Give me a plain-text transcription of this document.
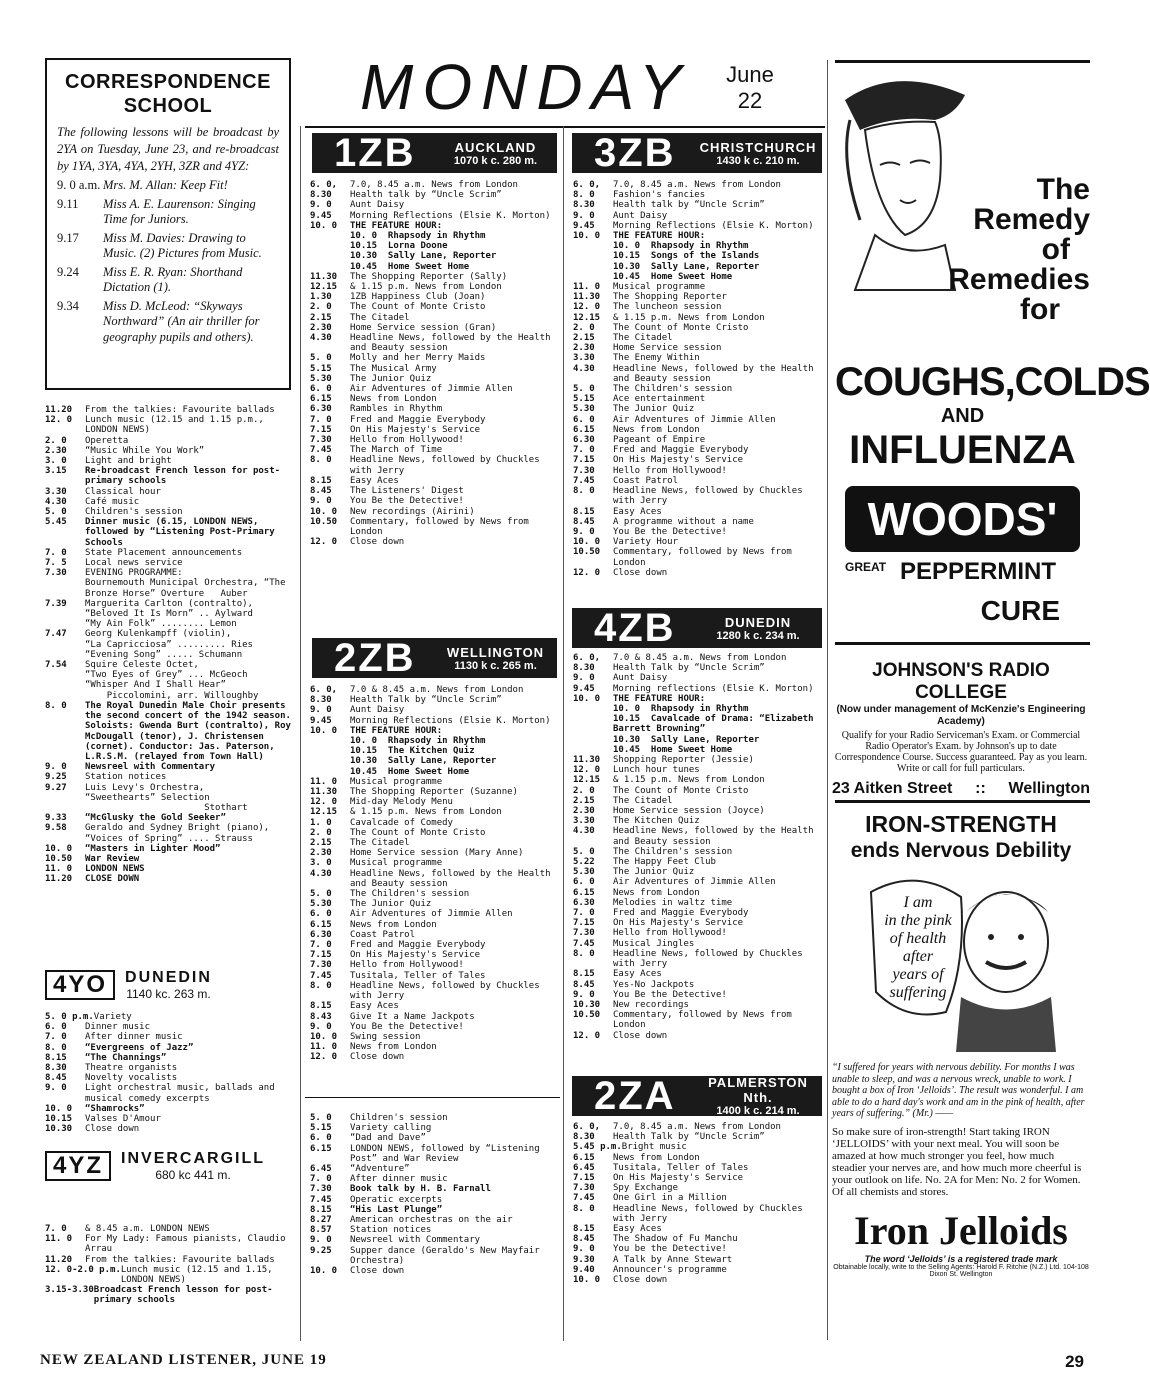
CORRESPONDENCE
SCHOOL
The following lessons will be broadcast by 2YA on Tuesday, June 23, and re-broadcast by 1YA, 3YA, 4YA, 2YH, 3ZR and 4YZ:
9. 0 a.m. Mrs. M. Allan: Keep Fit!
9.11	Miss A. E. Laurenson: Singing Time for Juniors.
9.17	Miss M. Davies: Drawing to Music. (2) Pictures from Music.
9.24	Miss E. R. Ryan: Shorthand Dictation (1).
9.34	Miss D. McLeod: “Skyways Northward” (An air thriller for geography pupils and others).
MONDAY June
22
11.20	From the talkies: Favourite ballads
12. 0	Lunch music (12.15 and 1.15 p.m., LONDON NEWS)
2. 0	Operetta
2.30	“Music While You Work”
3. 0	Light and bright
3.15	Re-broadcast French lesson for post-primary schools
3.30	Classical hour
4.30	Café music
5. 0	Children's session
5.45	Dinner music (6.15, LONDON NEWS, followed by “Listening Post-Primary Schools
7. 0	State Placement announcements
7. 5	Local news service
7.30	EVENING PROGRAMME:
Bournemouth Municipal Orchestra, “The Bronze Horse” Overture   Auber
7.39	Marguerita Carlton (contralto), “Beloved It Is Morn” .. Aylward
“My Ain Folk” ........ Lemon
7.47	Georg Kulenkampff (violin),
“La Capricciosa” ......... Ries
“Evening Song” ..... Schumann
7.54	Squire Celeste Octet,
“Two Eyes of Grey” ... McGeoch
“Whisper And I Shall Hear”
Piccolomini, arr. Willoughby
8. 0	The Royal Dunedin Male Choir presents the second concert of the 1942 season. Soloists: Gwenda Burt (contralto), Roy McDougall (tenor), J. Christensen (cornet). Conductor: Jas. Paterson, L.R.S.M. (relayed from Town Hall)
9. 0	Newsreel with Commentary
9.25	Station notices
9.27	Luis Levy's Orchestra,
“Sweethearts” Selection
Stothart
9.33	“McGlusky the Gold Seeker”
9.58	Geraldo and Sydney Bright (piano),
“Voices of Spring” .... Strauss
10. 0	“Masters in Lighter Mood”
10.50	War Review
11. 0	LONDON NEWS
11.20	CLOSE DOWN
4YO	DUNEDIN
1140 kc. 263 m.
5. 0 p.m. Variety
6. 0	Dinner music
7. 0	After dinner music
8. 0	“Evergreens of Jazz”
8.15	“The Channings”
8.30	Theatre organists
8.45	Novelty vocalists
9. 0	Light orchestral music, ballads and musical comedy excerpts
10. 0	“Shamrocks”
10.15	Valses D'Amour
10.30	Close down
4YZ	INVERCARGILL
680 kc 441 m.
7. 0	& 8.45 a.m. LONDON NEWS
11. 0	For My Lady: Famous pianists, Claudio Arrau
11.20	From the talkies: Favourite ballads
12. 0-2.0 p.m. Lunch music (12.15 and 1.15, LONDON NEWS)
3.15-3.30 Broadcast French lesson for post-primary schools
1ZB	AUCKLAND
1070 k c. 280 m.
6. 0,	7.0, 8.45 a.m. News from London
8.30	Health talk by “Uncle Scrim”
9. 0	Aunt Daisy
9.45	Morning Reflections (Elsie K. Morton)
10. 0	THE FEATURE HOUR:
10. 0  Rhapsody in Rhythm
10.15  Lorna Doone
10.30  Sally Lane, Reporter
10.45  Home Sweet Home
11.30	The Shopping Reporter (Sally)
12.15	& 1.15 p.m. News from London
1.30	1ZB Happiness Club (Joan)
2. 0	The Count of Monte Cristo
2.15	The Citadel
2.30	Home Service session (Gran)
4.30	Headline News, followed by the Health and Beauty session
5. 0	Molly and her Merry Maids
5.15	The Musical Army
5.30	The Junior Quiz
6. 0	Air Adventures of Jimmie Allen
6.15	News from London
6.30	Rambles in Rhythm
7. 0	Fred and Maggie Everybody
7.15	On His Majesty's Service
7.30	Hello from Hollywood!
7.45	The March of Time
8. 0	Headline News, followed by Chuckles with Jerry
8.15	Easy Aces
8.45	The Listeners' Digest
9. 0	You Be the Detective!
10. 0	New recordings (Airini)
10.50	Commentary, followed by News from London
12. 0	Close down
2ZB	WELLINGTON
1130 k c. 265 m.
6. 0,	7.0 & 8.45 a.m. News from London
8.30	Health Talk by “Uncle Scrim”
9. 0	Aunt Daisy
9.45	Morning Reflections (Elsie K. Morton)
10. 0	THE FEATURE HOUR:
10. 0  Rhapsody in Rhythm
10.15  The Kitchen Quiz
10.30  Sally Lane, Reporter
10.45  Home Sweet Home
11. 0	Musical programme
11.30	The Shopping Reporter (Suzanne)
12. 0	Mid-day Melody Menu
12.15	& 1.15 p.m. News from London
1. 0	Cavalcade of Comedy
2. 0	The Count of Monte Cristo
2.15	The Citadel
2.30	Home Service session (Mary Anne)
3. 0	Musical programme
4.30	Headline News, followed by the Health and Beauty session
5. 0	The Children's session
5.30	The Junior Quiz
6. 0	Air Adventures of Jimmie Allen
6.15	News from London
6.30	Coast Patrol
7. 0	Fred and Maggie Everybody
7.15	On His Majesty's Service
7.30	Hello from Hollywood!
7.45	Tusitala, Teller of Tales
8. 0	Headline News, followed by Chuckles with Jerry
8.15	Easy Aces
8.43	Give It a Name Jackpots
9. 0	You Be the Detective!
10. 0	Swing session
11. 0	News from London
12. 0	Close down
5. 0	Children's session
5.15	Variety calling
6. 0	“Dad and Dave”
6.15	LONDON NEWS, followed by “Listening Post” and War Review
6.45	“Adventure”
7. 0	After dinner music
7.30	Book talk by H. B. Farnall
7.45	Operatic excerpts
8.15	“His Last Plunge”
8.27	American orchestras on the air
8.57	Station notices
9. 0	Newsreel with Commentary
9.25	Supper dance (Geraldo's New Mayfair Orchestra)
10. 0	Close down
3ZB	CHRISTCHURCH
1430 k c. 210 m.
6. 0,	7.0, 8.45 a.m. News from London
8. 0	Fashion's fancies
8.30	Health talk by “Uncle Scrim”
9. 0	Aunt Daisy
9.45	Morning Reflections (Elsie K. Morton)
10. 0	THE FEATURE HOUR:
10. 0  Rhapsody in Rhythm
10.15  Songs of the Islands
10.30  Sally Lane, Reporter
10.45  Home Sweet Home
11. 0	Musical programme
11.30	The Shopping Reporter
12. 0	The luncheon session
12.15	& 1.15 p.m. News from London
2. 0	The Count of Monte Cristo
2.15	The Citadel
2.30	Home Service session
3.30	The Enemy Within
4.30	Headline News, followed by the Health and Beauty session
5. 0	The Children's session
5.15	Ace entertainment
5.30	The Junior Quiz
6. 0	Air Adventures of Jimmie Allen
6.15	News from London
6.30	Pageant of Empire
7. 0	Fred and Maggie Everybody
7.15	On His Majesty's Service
7.30	Hello from Hollywood!
7.45	Coast Patrol
8. 0	Headline News, followed by Chuckles with Jerry
8.15	Easy Aces
8.45	A programme without a name
9. 0	You Be the Detective!
10. 0	Variety Hour
10.50	Commentary, followed by News from London
12. 0	Close down
4ZB	DUNEDIN
1280 k c. 234 m.
6. 0,	7.0 & 8.45 a.m. News from London
8.30	Health Talk by “Uncle Scrim”
9. 0	Aunt Daisy
9.45	Morning reflections (Elsie K. Morton)
10. 0	THE FEATURE HOUR:
10. 0  Rhapsody in Rhythm
10.15  Cavalcade of Drama: “Elizabeth Barrett Browning”
10.30  Sally Lane, Reporter
10.45  Home Sweet Home
11.30	Shopping Reporter (Jessie)
12. 0	Lunch hour tunes
12.15	& 1.15 p.m. News from London
2. 0	The Count of Monte Cristo
2.15	The Citadel
2.30	Home Service session (Joyce)
3.30	The Kitchen Quiz
4.30	Headline News, followed by the Health and Beauty session
5. 0	The Children's session
5.22	The Happy Feet Club
5.30	The Junior Quiz
6. 0	Air Adventures of Jimmie Allen
6.15	News from London
6.30	Melodies in waltz time
7. 0	Fred and Maggie Everybody
7.15	On His Majesty's Service
7.30	Hello from Hollywood!
7.45	Musical Jingles
8. 0	Headline News, followed by Chuckles with Jerry
8.15	Easy Aces
8.45	Yes-No Jackpots
9. 0	You Be the Detective!
10.30	New recordings
10.50	Commentary, followed by News from London
12. 0	Close down
2ZA	PALMERSTON Nth.
1400 k c. 214 m.
6. 0,	7.0, 8.45 a.m. News from London
8.30	Health Talk by “Uncle Scrim”
5.45 p.m. Bright music
6.15	News from London
6.45	Tusitala, Teller of Tales
7.15	On His Majesty's Service
7.30	Spy Exchange
7.45	One Girl in a Million
8. 0	Headline News, followed by Chuckles with Jerry
8.15	Easy Aces
8.45	The Shadow of Fu Manchu
9. 0	You be the Detective!
9.30	A Talk by Anne Stewart
9.40	Announcer's programme
10. 0	Close down
The
Remedy
of
Remedies
for
COUGHS,COLDS
AND
INFLUENZA
WOODS'
GREAT PEPPERMINT
CURE
JOHNSON'S RADIO COLLEGE
(Now under management of McKenzie's Engineering Academy)
Qualify for your Radio Serviceman's Exam. or Commercial Radio Operator's Exam. by Johnson's up to date Correspondence Course. Success guaranteed. Pay as you learn. Write or call for full particulars.
23 Aitken Street :: Wellington
IRON-STRENGTH
ends Nervous Debility
I am
in the pink
of health after
years of
suffering
“I suffered for years with nervous debility. For months I was unable to sleep, and was a nervous wreck, unable to work. I bought a box of Iron ‘Jelloids’. The result was wonderful. I am able to do a hard day's work and am in the pink of health, after years of suffering.” (Mr.) ——
So make sure of iron-strength! Start taking IRON ‘JELLOIDS’ with your next meal. You will soon be amazed at how much stronger you feel, how much steadier your nerves are, and how much more cheerful is your outlook on life. No. 2A for Men: No. 2 for Women. Of all chemists and stores.
Iron Jelloids
The word ‘Jelloids’ is a registered trade mark
Obtainable locally, write to the Selling Agents: Harold F. Ritchie (N.Z.) Ltd. 104-108 Dixon St. Wellington
NEW ZEALAND LISTENER, JUNE 19	29
